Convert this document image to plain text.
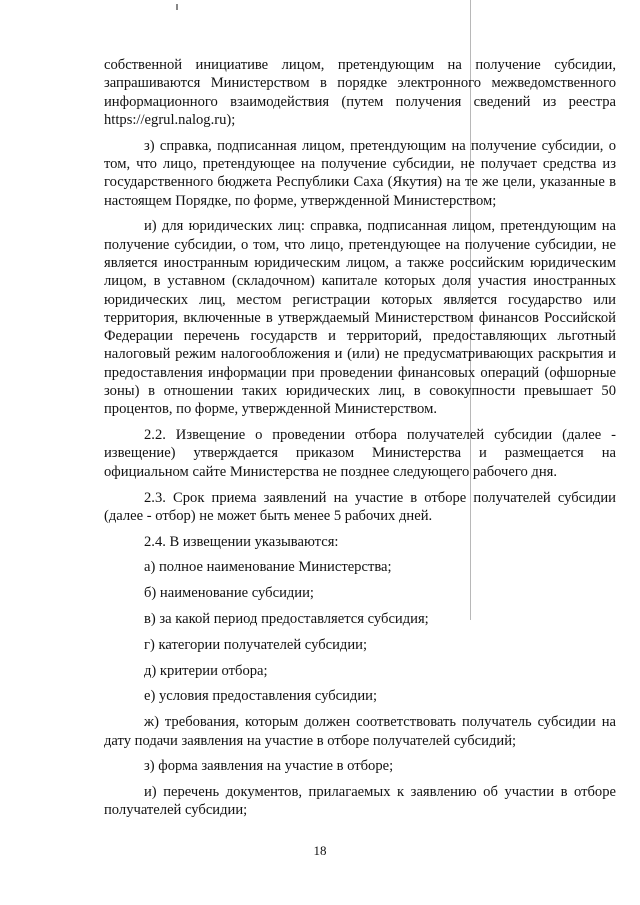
собственной инициативе лицом, претендующим на получение субсидии, запрашиваются Министерством в порядке электронного межведомственного информационного взаимодействия (путем получения сведений из реестра https://egrul.nalog.ru);

з) справка, подписанная лицом, претендующим на получение субсидии, о том, что лицо, претендующее на получение субсидии, не получает средства из государственного бюджета Республики Саха (Якутия) на те же цели, указанные в настоящем Порядке, по форме, утвержденной Министерством;

и) для юридических лиц: справка, подписанная лицом, претендующим на получение субсидии, о том, что лицо, претендующее на получение субсидии, не является иностранным юридическим лицом, а также российским юридическим лицом, в уставном (складочном) капитале которых доля участия иностранных юридических лиц, местом регистрации которых является государство или территория, включенные в утверждаемый Министерством финансов Российской Федерации перечень государств и территорий, предоставляющих льготный налоговый режим налогообложения и (или) не предусматривающих раскрытия и предоставления информации при проведении финансовых операций (офшорные зоны) в отношении таких юридических лиц, в совокупности превышает 50 процентов, по форме, утвержденной Министерством.

2.2. Извещение о проведении отбора получателей субсидии (далее - извещение) утверждается приказом Министерства и размещается на официальном сайте Министерства не позднее следующего рабочего дня.

2.3. Срок приема заявлений на участие в отборе получателей субсидии (далее - отбор) не может быть менее 5 рабочих дней.

2.4. В извещении указываются:

а) полное наименование Министерства;

б) наименование субсидии;

в) за какой период предоставляется субсидия;

г) категории получателей субсидии;

д) критерии отбора;

е) условия предоставления субсидии;

ж) требования, которым должен соответствовать получатель субсидии на дату подачи заявления на участие в отборе получателей субсидий;

з) форма заявления на участие в отборе;

и) перечень документов, прилагаемых к заявлению об участии в отборе получателей субсидии;

18
